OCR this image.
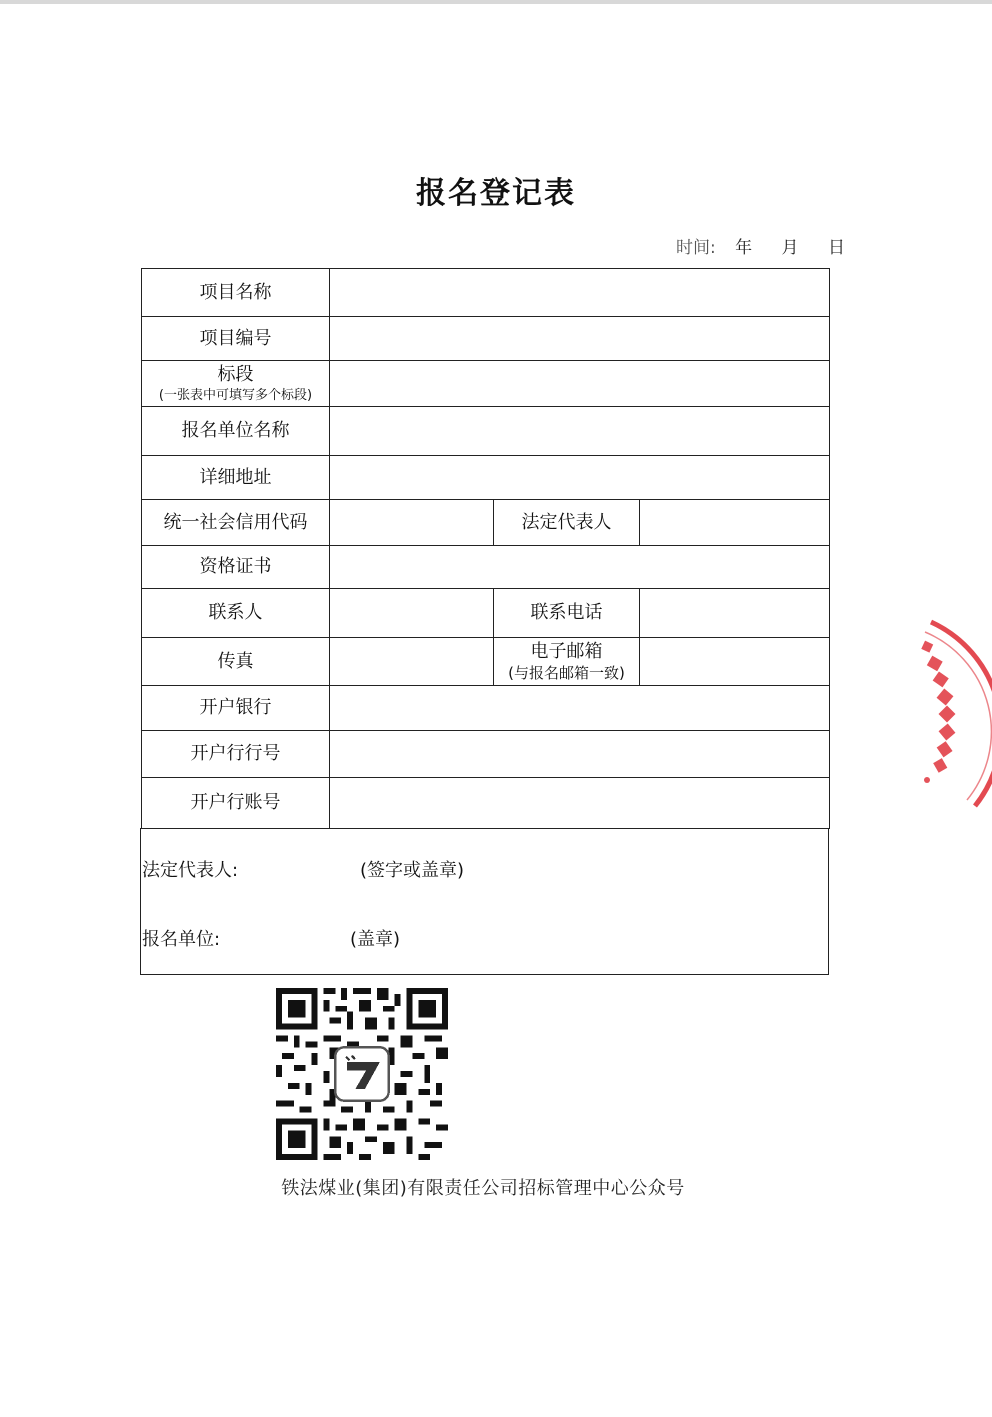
报名登记表
时间: 年 月 日
项目名称
项目编号
标段
(一张表中可填写多个标段)
报名单位名称
详细地址
统一社会信用代码	法定代表人
资格证书
联系人	联系电话
传真	电子邮箱
(与报名邮箱一致)
开户银行
开户行行号
开户行账号
法定代表人:	(签字或盖章)
报名单位:	(盖章)
铁法煤业(集团)有限责任公司招标管理中心公众号
